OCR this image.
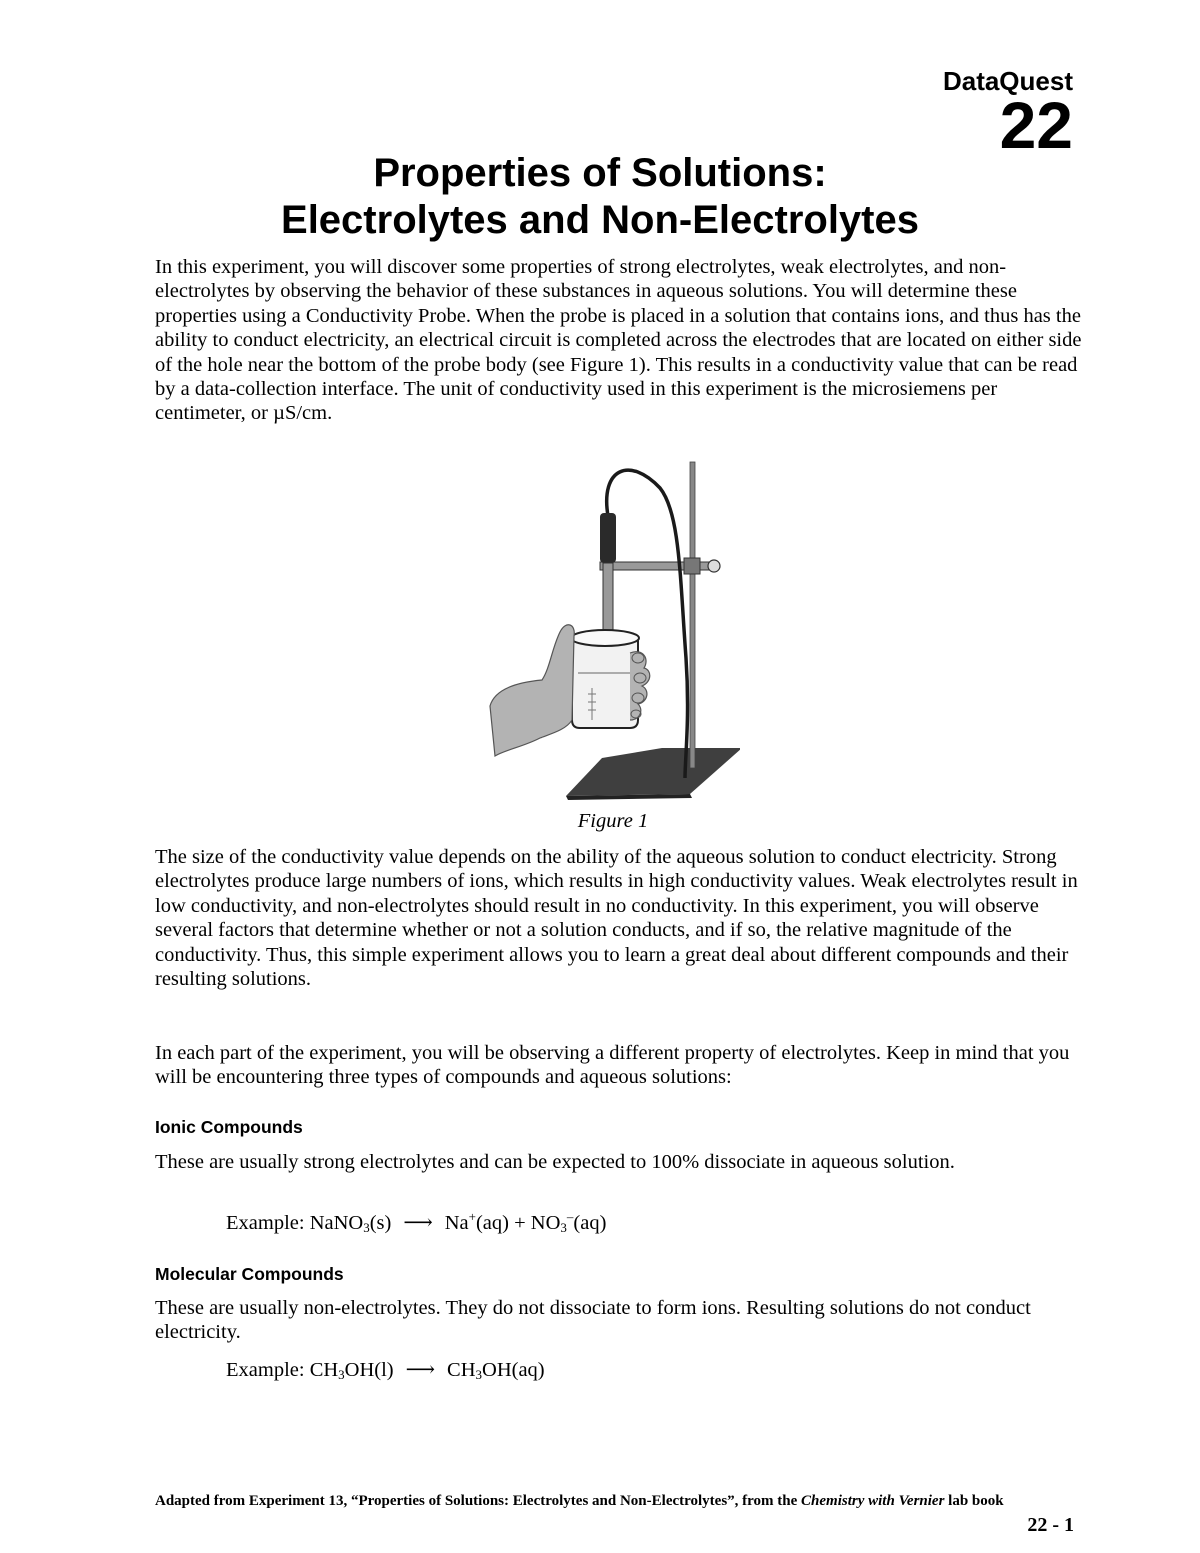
DataQuest
22
Properties of Solutions:
Electrolytes and Non-Electrolytes
In this experiment, you will discover some properties of strong electrolytes, weak electrolytes, and non-electrolytes by observing the behavior of these substances in aqueous solutions. You will determine these properties using a Conductivity Probe. When the probe is placed in a solution that contains ions, and thus has the ability to conduct electricity, an electrical circuit is completed across the electrodes that are located on either side of the hole near the bottom of the probe body (see Figure 1). This results in a conductivity value that can be read by a data-collection interface. The unit of conductivity used in this experiment is the microsiemens per centimeter, or µS/cm.
Figure 1
The size of the conductivity value depends on the ability of the aqueous solution to conduct electricity. Strong electrolytes produce large numbers of ions, which results in high conductivity values. Weak electrolytes result in low conductivity, and non-electrolytes should result in no conductivity. In this experiment, you will observe several factors that determine whether or not a solution conducts, and if so, the relative magnitude of the conductivity. Thus, this simple experiment allows you to learn a great deal about different compounds and their resulting solutions.
In each part of the experiment, you will be observing a different property of electrolytes. Keep in mind that you will be encountering three types of compounds and aqueous solutions:
Ionic Compounds
These are usually strong electrolytes and can be expected to 100% dissociate in aqueous solution.
Example: NaNO$_3$(s) ⟶ $Na^+(aq) + NO_3^-(aq)$
Molecular Compounds
These are usually non-electrolytes. They do not dissociate to form ions. Resulting solutions do not conduct electricity.
Example: $CH_3OH(l)$ ⟶ $CH_3OH(aq)$
Adapted from Experiment 13, “Properties of Solutions: Electrolytes and Non-Electrolytes”, from the Chemistry with Vernier lab book
22 - 1
